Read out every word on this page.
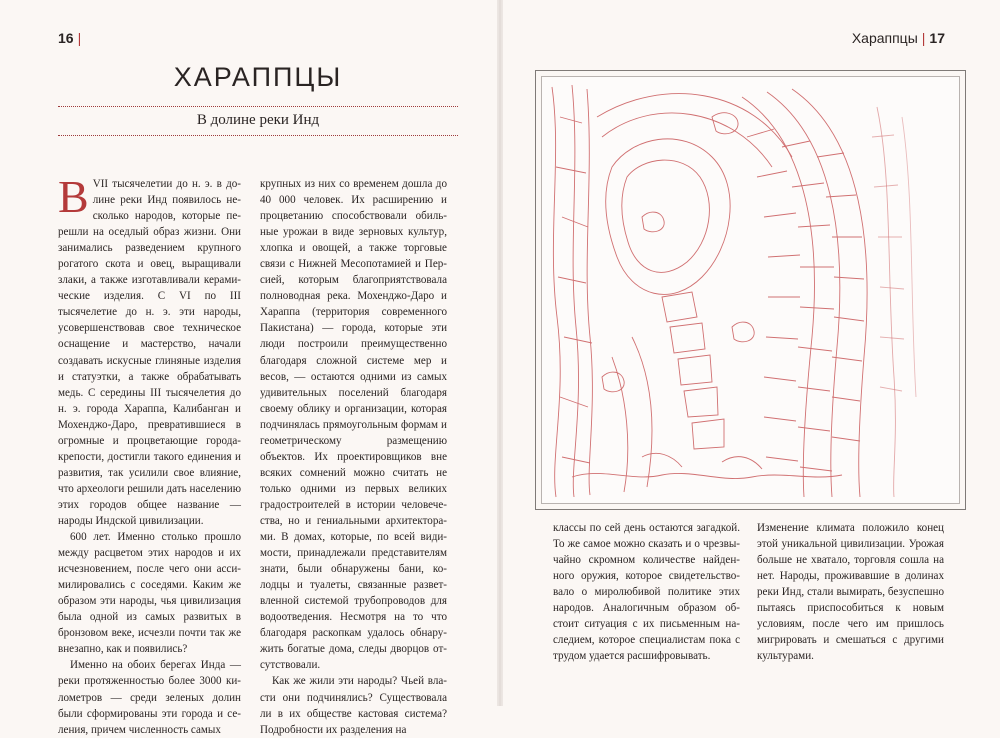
16 |
ХАРАППЦЫ
В долине реки Инд

ВVII тысячелетии до н. э. в долине реки Инд появилось несколько народов, которые перешли на оседлый образ жизни. Они занимались разведением крупного рогатого скота и овец, выращивали злаки, а также изготавливали керамические изделия. С VI по III тысячелетие до н. э. эти народы, усовершенствовав свое техническое оснащение и мастерство, начали создавать искусные глиняные изделия и статуэтки, а также обрабатывать медь. С середины III тысячелетия до н. э. города Хараппа, Калибанган и Мохенджо-Даро, превратившиеся в огромные и процветающие города-крепости, достигли такого единения и развития, так усилили свое влияние, что археологи решили дать населению этих городов общее название — народы Индской цивилизации.

600 лет. Именно столько прошло между расцветом этих народов и их исчезновением, после чего они ассимилировались с соседями. Каким же образом эти народы, чья цивилизация была одной из самых развитых в бронзовом веке, исчезли почти так же внезапно, как и появились?

Именно на обоих берегах Инда — реки протяженностью более 3000 километров — среди зеленых долин были сформированы эти города и селения, причем численность самых

крупных из них со временем дошла до 40 000 человек. Их расширению и процветанию способствовали обильные урожаи в виде зерновых культур, хлопка и овощей, а также торговые связи с Нижней Месопотамией и Персией, которым благоприятствовала полноводная река. Мохенджо-Даро и Хараппа (территория современного Пакистана) — города, которые эти люди построили преимущественно благодаря сложной системе мер и весов, — остаются одними из самых удивительных поселений благодаря своему облику и организации, которая подчинялась прямоугольным формам и геометрическому размещению объектов. Их проектировщиков вне всяких сомнений можно считать не только одними из первых великих градостроителей в истории человечества, но и гениальными архитекторами. В домах, которые, по всей видимости, принадлежали представителям знати, были обнаружены бани, колодцы и туалеты, связанные разветвленной системой трубопроводов для водоотведения. Несмотря на то что благодаря раскопкам удалось обнаружить богатые дома, следы дворцов отсутствовали.

Как же жили эти народы? Чьей власти они подчинялись? Существовала ли в их обществе кастовая система? Подробности их разделения на

Хараппцы | 17

классы по сей день остаются загадкой. То же самое можно сказать и о чрезвычайно скромном количестве найденного оружия, которое свидетельствовало о миролюбивой политике этих народов. Аналогичным образом обстоит ситуация с их письменным наследием, которое специалистам пока с трудом удается расшифровывать.

Изменение климата положило конец этой уникальной цивилизации. Урожая больше не хватало, торговля сошла на нет. Народы, проживавшие в долинах реки Инд, стали вымирать, безуспешно пытаясь приспособиться к новым условиям, после чего им пришлось мигрировать и смешаться с другими культурами.
